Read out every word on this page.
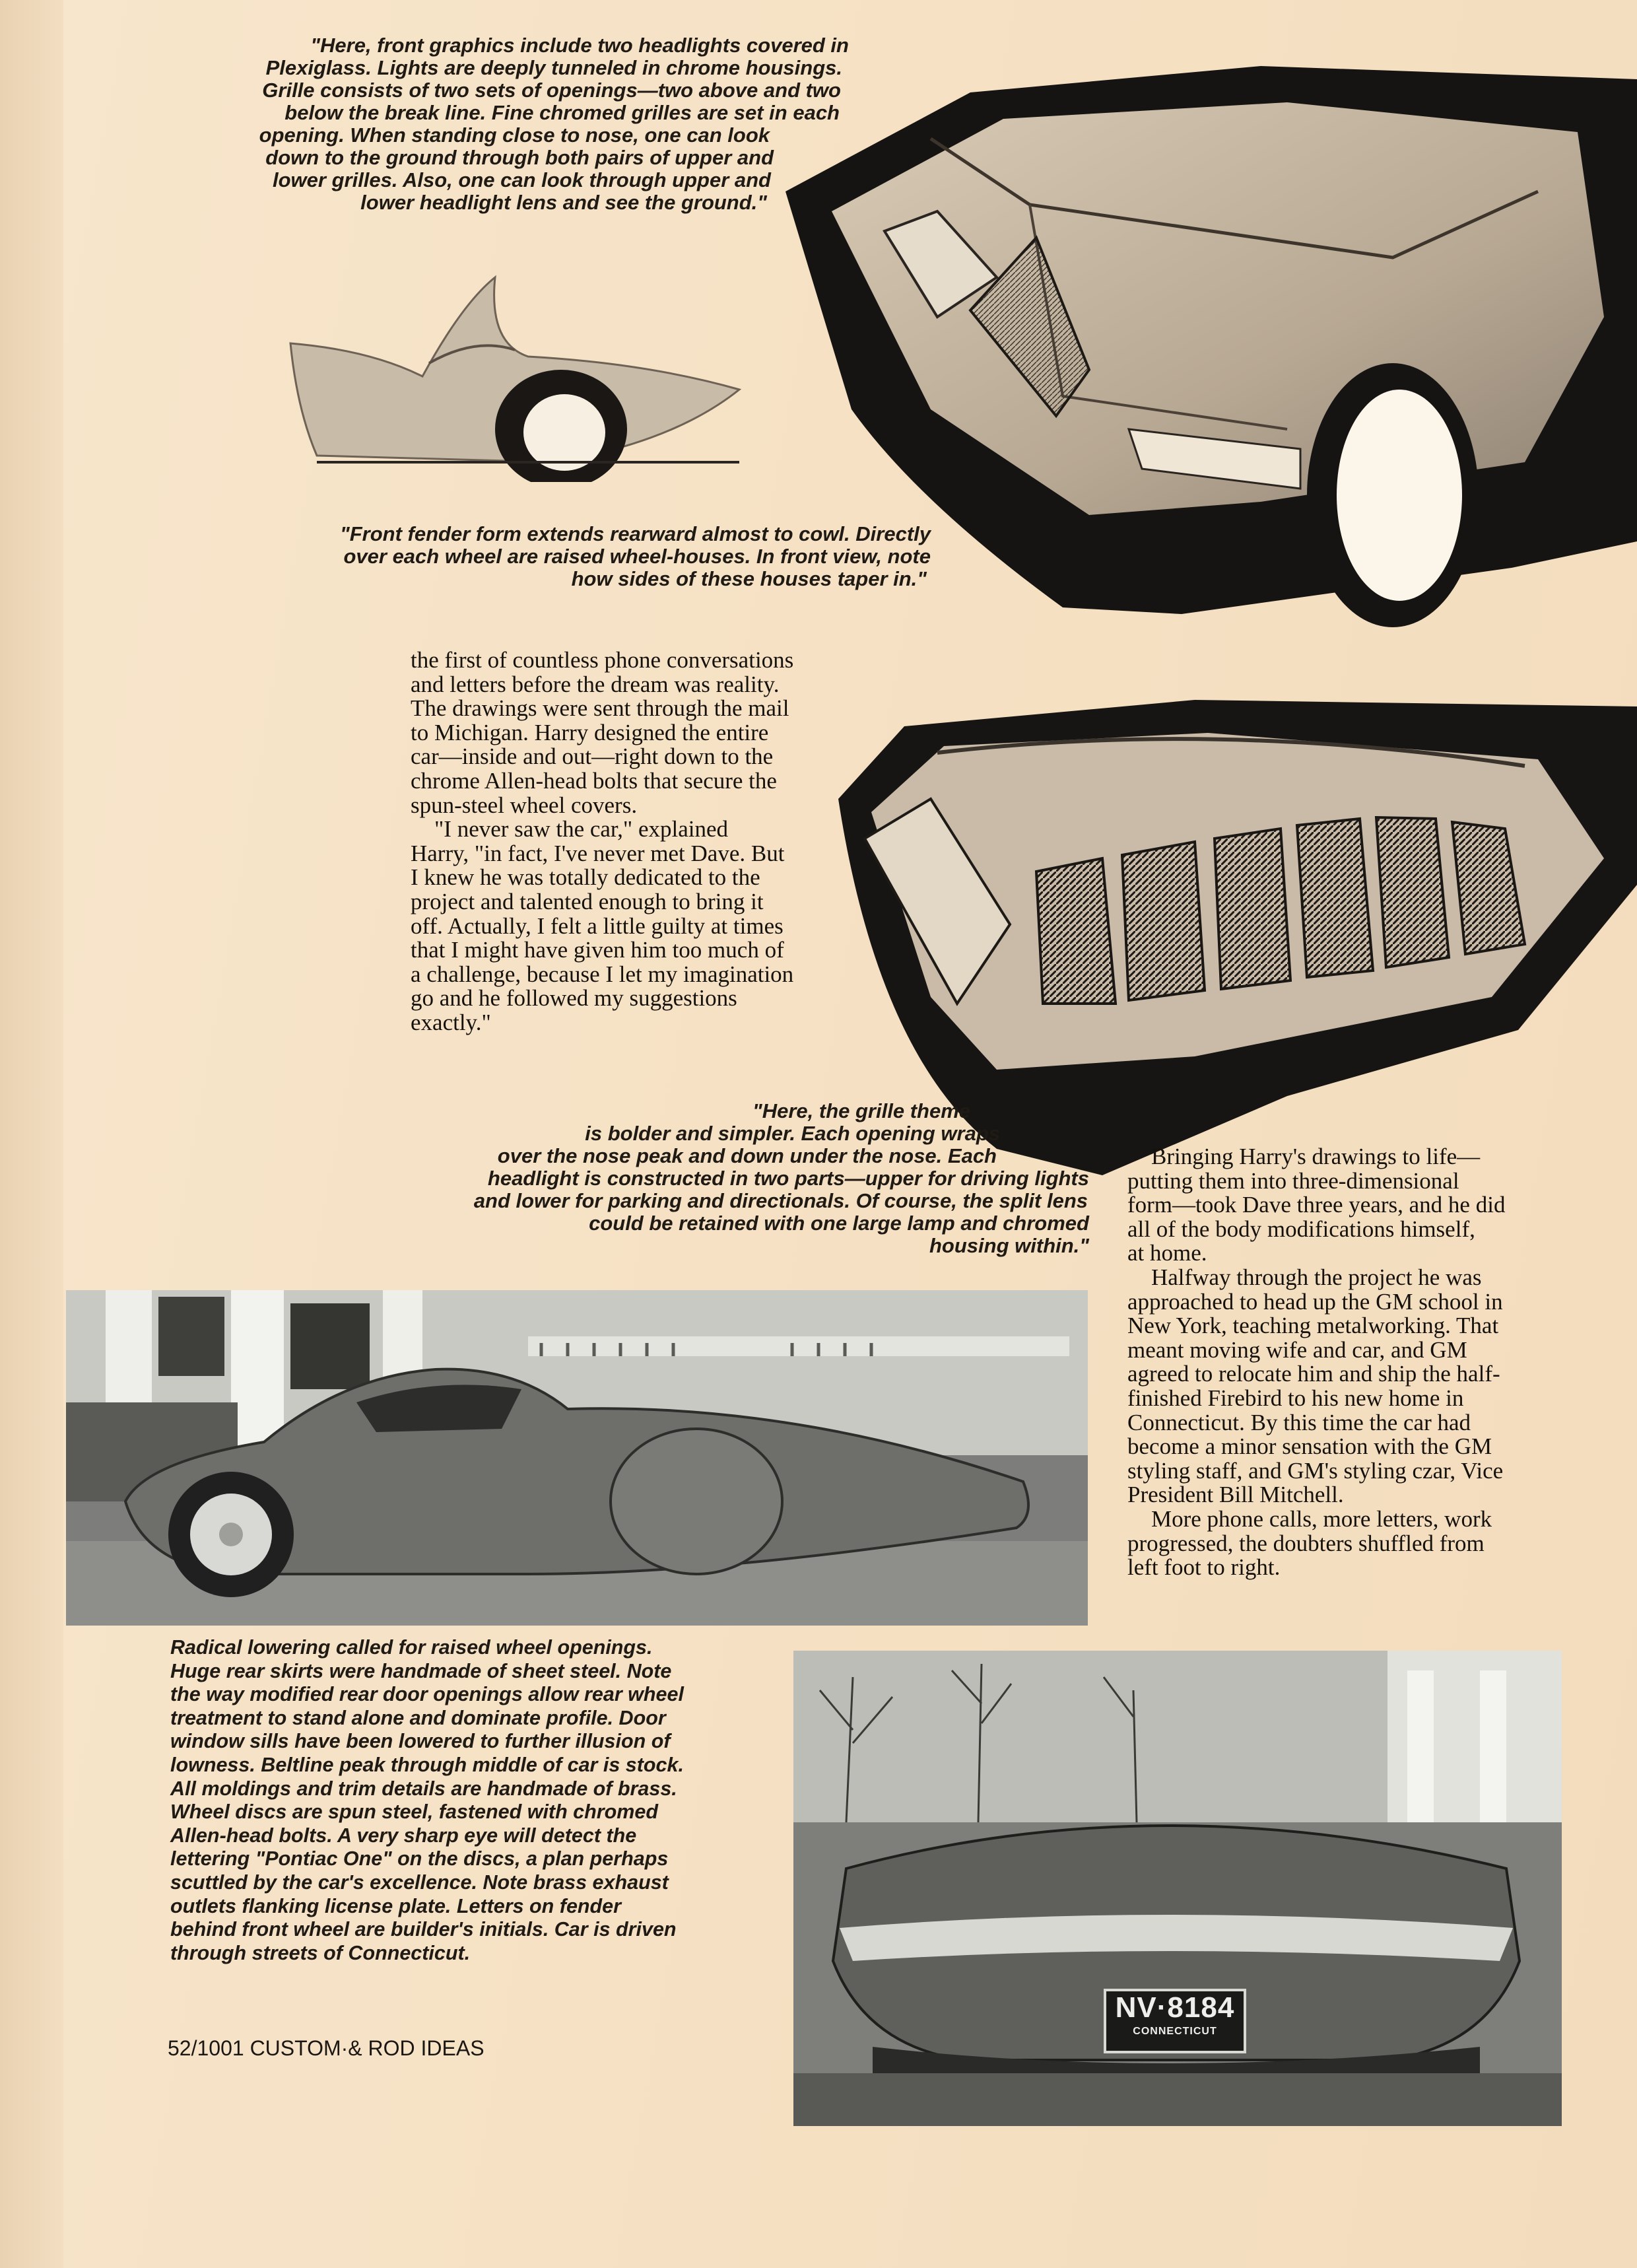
"Here, front graphics include two headlights covered in
Plexiglass. Lights are deeply tunneled in chrome housings.
Grille consists of two sets of openings—two above and two
below the break line. Fine chromed grilles are set in each
opening. When standing close to nose, one can look
down to the ground through both pairs of upper and
lower grilles. Also, one can look through upper and
lower headlight lens and see the ground."
"Front fender form extends rearward almost to cowl. Directly
over each wheel are raised wheel-houses. In front view, note
how sides of these houses taper in."

the first of countless phone conversations
and letters before the dream was reality.
The drawings were sent through the mail
to Michigan. Harry designed the entire
car—inside and out—right down to the
chrome Allen-head bolts that secure the
spun-steel wheel covers.

"I never saw the car," explained
Harry, "in fact, I've never met Dave. But
I knew he was totally dedicated to the
project and talented enough to bring it
off. Actually, I felt a little guilty at times
that I might have given him too much of
a challenge, because I let my imagination
go and he followed my suggestions
exactly."

"Here, the grille theme
is bolder and simpler. Each opening wraps
over the nose peak and down under the nose. Each
headlight is constructed in two parts—upper for driving lights
and lower for parking and directionals. Of course, the split lens
could be retained with one large lamp and chromed
housing within."

Bringing Harry's drawings to life—
putting them into three-dimensional
form—took Dave three years, and he did
all of the body modifications himself,
at home.

Halfway through the project he was
approached to head up the GM school in
New York, teaching metalworking. That
meant moving wife and car, and GM
agreed to relocate him and ship the half-
finished Firebird to his new home in
Connecticut. By this time the car had
become a minor sensation with the GM
styling staff, and GM's styling czar, Vice
President Bill Mitchell.

More phone calls, more letters, work
progressed, the doubters shuffled from
left foot to right.

Radical lowering called for raised wheel openings.
Huge rear skirts were handmade of sheet steel. Note
the way modified rear door openings allow rear wheel
treatment to stand alone and dominate profile. Door
window sills have been lowered to further illusion of
lowness. Beltline peak through middle of car is stock.
All moldings and trim details are handmade of brass.
Wheel discs are spun steel, fastened with chromed
Allen-head bolts. A very sharp eye will detect the
lettering "Pontiac One" on the discs, a plan perhaps
scuttled by the car's excellence. Note brass exhaust
outlets flanking license plate. Letters on fender
behind front wheel are builder's initials. Car is driven
through streets of Connecticut.
NV·8184
CONNECTICUT
52/1001 CUSTOM·& ROD IDEAS
